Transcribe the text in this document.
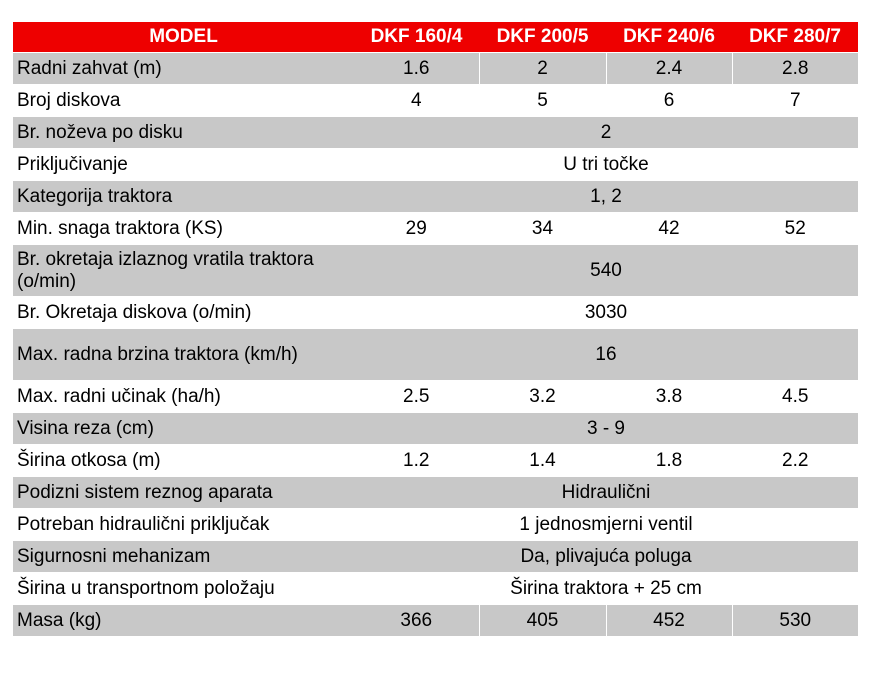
MODEL	DKF 160/4	DKF 200/5	DKF 240/6	DKF 280/7
Radni zahvat (m)	1.6	2	2.4	2.8
Broj diskova	4	5	6	7
Br. noževa po disku	2			
Priključivanje	U tri točke			
Kategorija traktora	1, 2			
Min. snaga traktora (KS)	29	34	42	52
Br. okretaja izlaznog vratila traktora (o/min)	540			
Br. Okretaja diskova (o/min)	3030			
Max. radna brzina traktora (km/h)	16			
Max. radni učinak (ha/h)	2.5	3.2	3.8	4.5
Visina reza (cm)	3 - 9			
Širina otkosa (m)	1.2	1.4	1.8	2.2
Podizni sistem reznog aparata	Hidraulični			
Potreban hidraulični priključak	1 jednosmjerni ventil			
Sigurnosni mehanizam	Da, plivajuća poluga			
Širina u transportnom položaju	Širina traktora + 25 cm			
Masa (kg)	366	405	452	530
